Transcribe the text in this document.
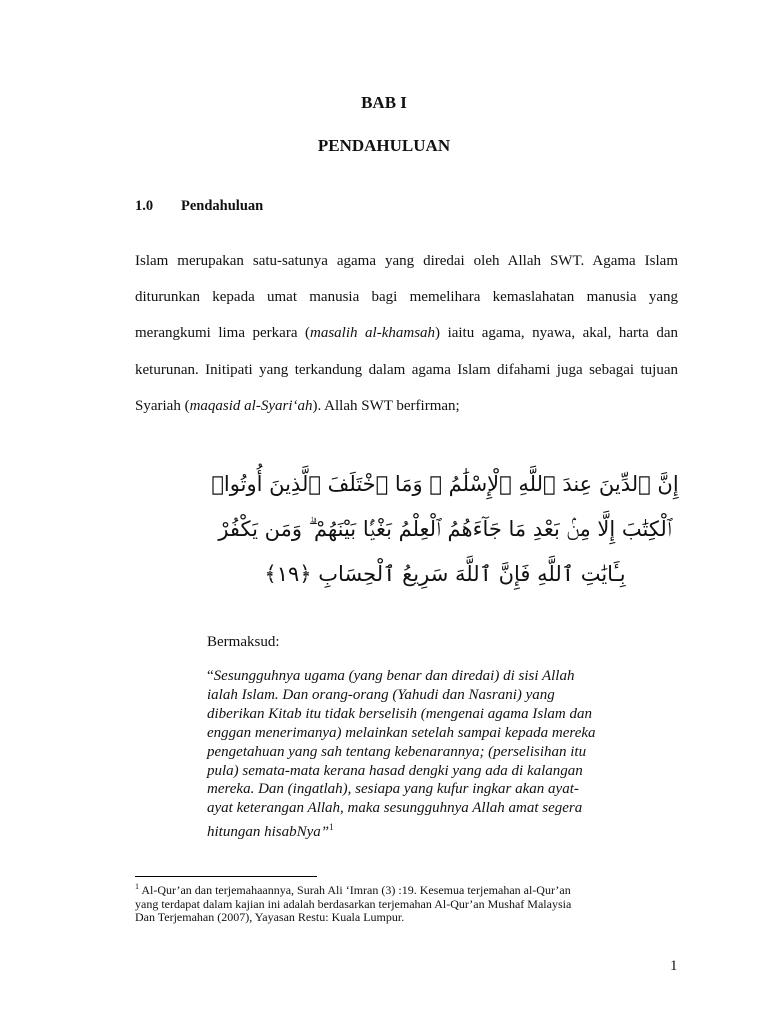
BAB I
PENDAHULUAN
1.0 Pendahuluan
Islam merupakan satu-satunya agama yang diredai oleh Allah SWT. Agama Islam
diturunkan kepada umat manusia bagi memelihara kemaslahatan manusia yang
merangkumi lima perkara (masalih al-khamsah) iaitu agama, nyawa, akal, harta dan
keturunan. Initipati yang terkandung dalam agama Islam difahami juga sebagai tujuan
Syariah (maqasid al-Syari‘ah). Allah SWT berfirman;
إِنَّ ٱلدِّينَ عِندَ ٱللَّهِ ٱلْإِسْلَٰمُ ۗ وَمَا ٱخْتَلَفَ ٱلَّذِينَ أُوتُوا۟
ٱلْكِتَٰبَ إِلَّا مِنۢ بَعْدِ مَا جَآءَهُمُ ٱلْعِلْمُ بَغْيًۢا بَيْنَهُمْ ۗ وَمَن يَكْفُرْ
بِـَٔايَٰتِ ٱللَّهِ فَإِنَّ ٱللَّهَ سَرِيعُ ٱلْحِسَابِ ﴿١٩﴾
Bermaksud:
“Sesungguhnya ugama (yang benar dan diredai) di sisi Allah
ialah Islam. Dan orang-orang (Yahudi dan Nasrani) yang
diberikan Kitab itu tidak berselisih (mengenai agama Islam dan
enggan menerimanya) melainkan setelah sampai kepada mereka
pengetahuan yang sah tentang kebenarannya; (perselisihan itu
pula) semata-mata kerana hasad dengki yang ada di kalangan
mereka. Dan (ingatlah), sesiapa yang kufur ingkar akan ayat-
ayat keterangan Allah, maka sesungguhnya Allah amat segera
hitungan hisabNya”$^1$
$^1$ Al-Qur’an dan terjemahaannya, Surah Ali ‘Imran (3) :19. Kesemua terjemahan al-Qur’an
yang terdapat dalam kajian ini adalah berdasarkan terjemahan Al-Qur’an Mushaf Malaysia
Dan Terjemahan (2007), Yayasan Restu: Kuala Lumpur.
1
